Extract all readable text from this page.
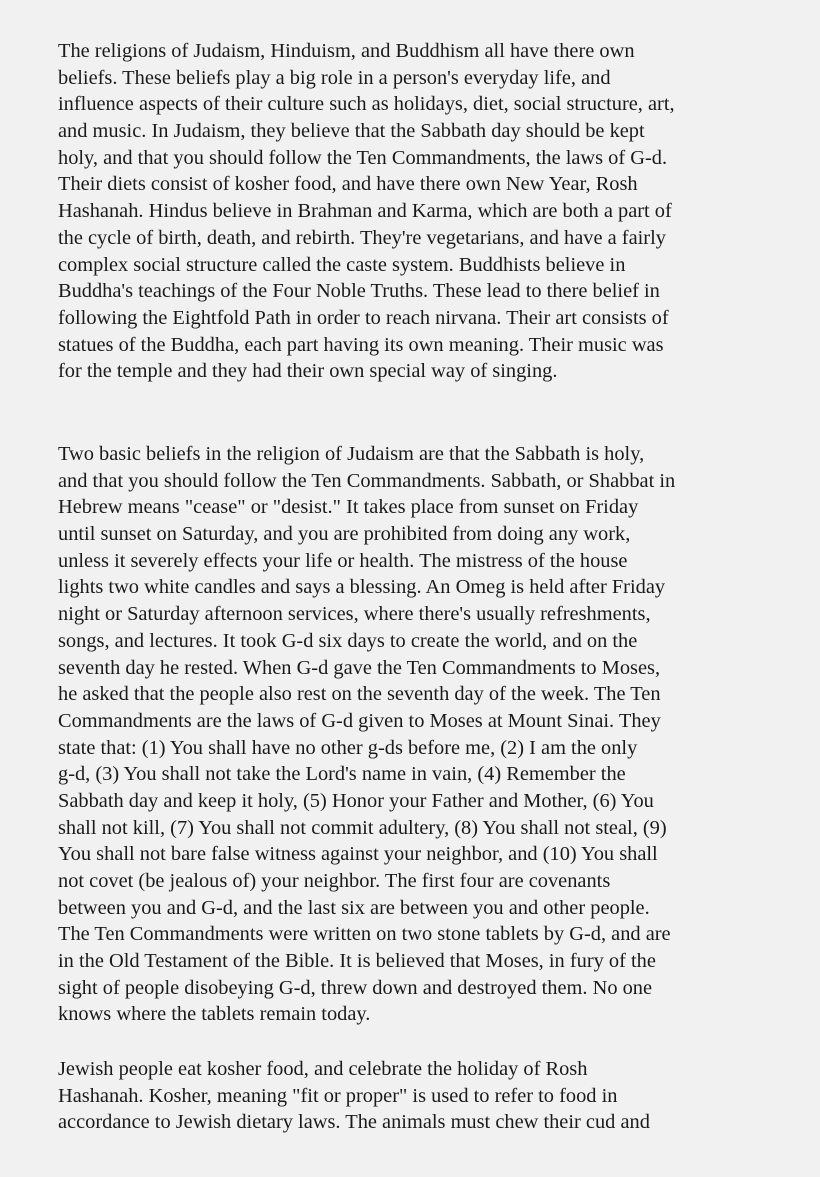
The religions of Judaism, Hinduism, and Buddhism all have there own
beliefs. These beliefs play a big role in a person's everyday life, and
influence aspects of their culture such as holidays, diet, social structure, art,
and music. In Judaism, they believe that the Sabbath day should be kept
holy, and that you should follow the Ten Commandments, the laws of G-d.
Their diets consist of kosher food, and have there own New Year, Rosh
Hashanah. Hindus believe in Brahman and Karma, which are both a part of
the cycle of birth, death, and rebirth. They're vegetarians, and have a fairly
complex social structure called the caste system. Buddhists believe in
Buddha's teachings of the Four Noble Truths. These lead to there belief in
following the Eightfold Path in order to reach nirvana. Their art consists of
statues of the Buddha, each part having its own meaning. Their music was
for the temple and they had their own special way of singing.

Two basic beliefs in the religion of Judaism are that the Sabbath is holy,
and that you should follow the Ten Commandments. Sabbath, or Shabbat in
Hebrew means "cease" or "desist." It takes place from sunset on Friday
until sunset on Saturday, and you are prohibited from doing any work,
unless it severely effects your life or health. The mistress of the house
lights two white candles and says a blessing. An Omeg is held after Friday
night or Saturday afternoon services, where there's usually refreshments,
songs, and lectures. It took G-d six days to create the world, and on the
seventh day he rested. When G-d gave the Ten Commandments to Moses,
he asked that the people also rest on the seventh day of the week. The Ten
Commandments are the laws of G-d given to Moses at Mount Sinai. They
state that: (1) You shall have no other g-ds before me, (2) I am the only
g-d, (3) You shall not take the Lord's name in vain, (4) Remember the
Sabbath day and keep it holy, (5) Honor your Father and Mother, (6) You
shall not kill, (7) You shall not commit adultery, (8) You shall not steal, (9)
You shall not bare false witness against your neighbor, and (10) You shall
not covet (be jealous of) your neighbor. The first four are covenants
between you and G-d, and the last six are between you and other people.
The Ten Commandments were written on two stone tablets by G-d, and are
in the Old Testament of the Bible. It is believed that Moses, in fury of the
sight of people disobeying G-d, threw down and destroyed them. No one
knows where the tablets remain today.

Jewish people eat kosher food, and celebrate the holiday of Rosh
Hashanah. Kosher, meaning "fit or proper" is used to refer to food in
accordance to Jewish dietary laws. The animals must chew their cud and
